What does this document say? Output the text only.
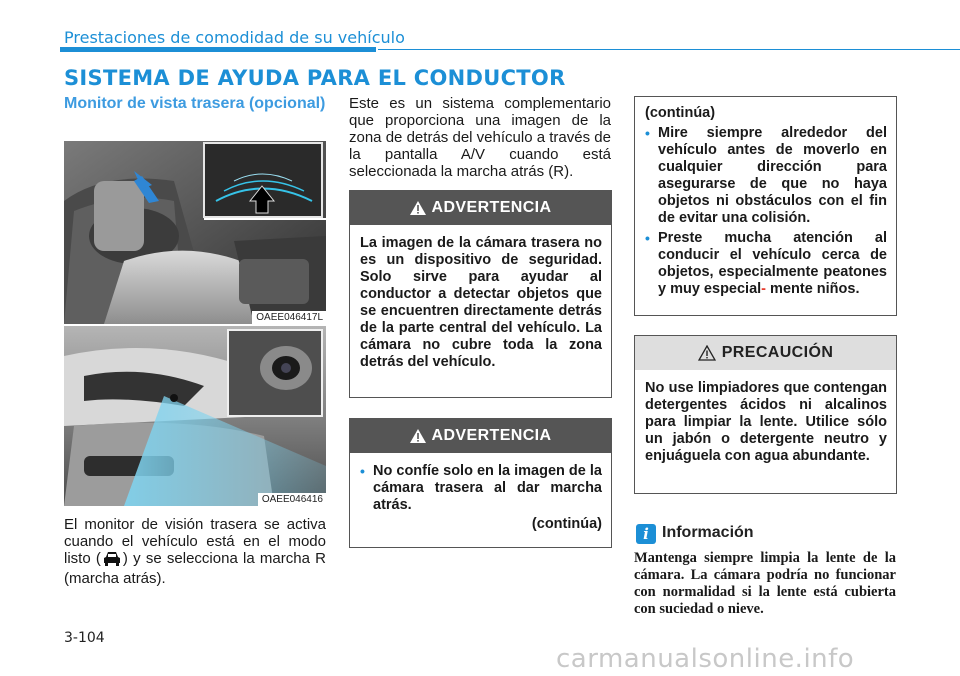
Prestaciones de comodidad de su vehículo
SISTEMA DE AYUDA PARA EL CONDUCTOR
Monitor de vista trasera (opcional)
OAEE046417L
OAEE046416
El monitor de visión trasera se activa cuando el vehículo está en el modo listo ( ) y se selecciona la marcha R (marcha atrás).
Este es un sistema complementario que proporciona una imagen de la zona de detrás del vehículo a través de la pantalla A/V cuando está seleccionada la marcha atrás (R).
ADVERTENCIA
La imagen de la cámara trasera no es un dispositivo de seguridad. Solo sirve para ayudar al conductor a detectar objetos que se encuentren directamente detrás de la parte central del vehículo. La cámara no cubre toda la zona detrás del vehículo.
ADVERTENCIA
• No confíe solo en la imagen de la cámara trasera al dar marcha atrás.
(continúa)
(continúa)
• Mire siempre alrededor del vehículo antes de moverlo en cualquier dirección para asegurarse de que no haya objetos ni obstáculos con el fin de evitar una colisión.
• Preste mucha atención al conducir el vehículo cerca de objetos, especialmente peatones y muy especial- mente niños.
PRECAUCIÓN
No use limpiadores que contengan detergentes ácidos ni alcalinos para limpiar la lente. Utilice sólo un jabón o detergente neutro y enjuáguela con agua abundante.
i Información
Mantenga siempre limpia la lente de la cámara. La cámara podría no funcionar con normalidad si la lente está cubierta con suciedad o nieve.
3-104
carmanualsonline.info
